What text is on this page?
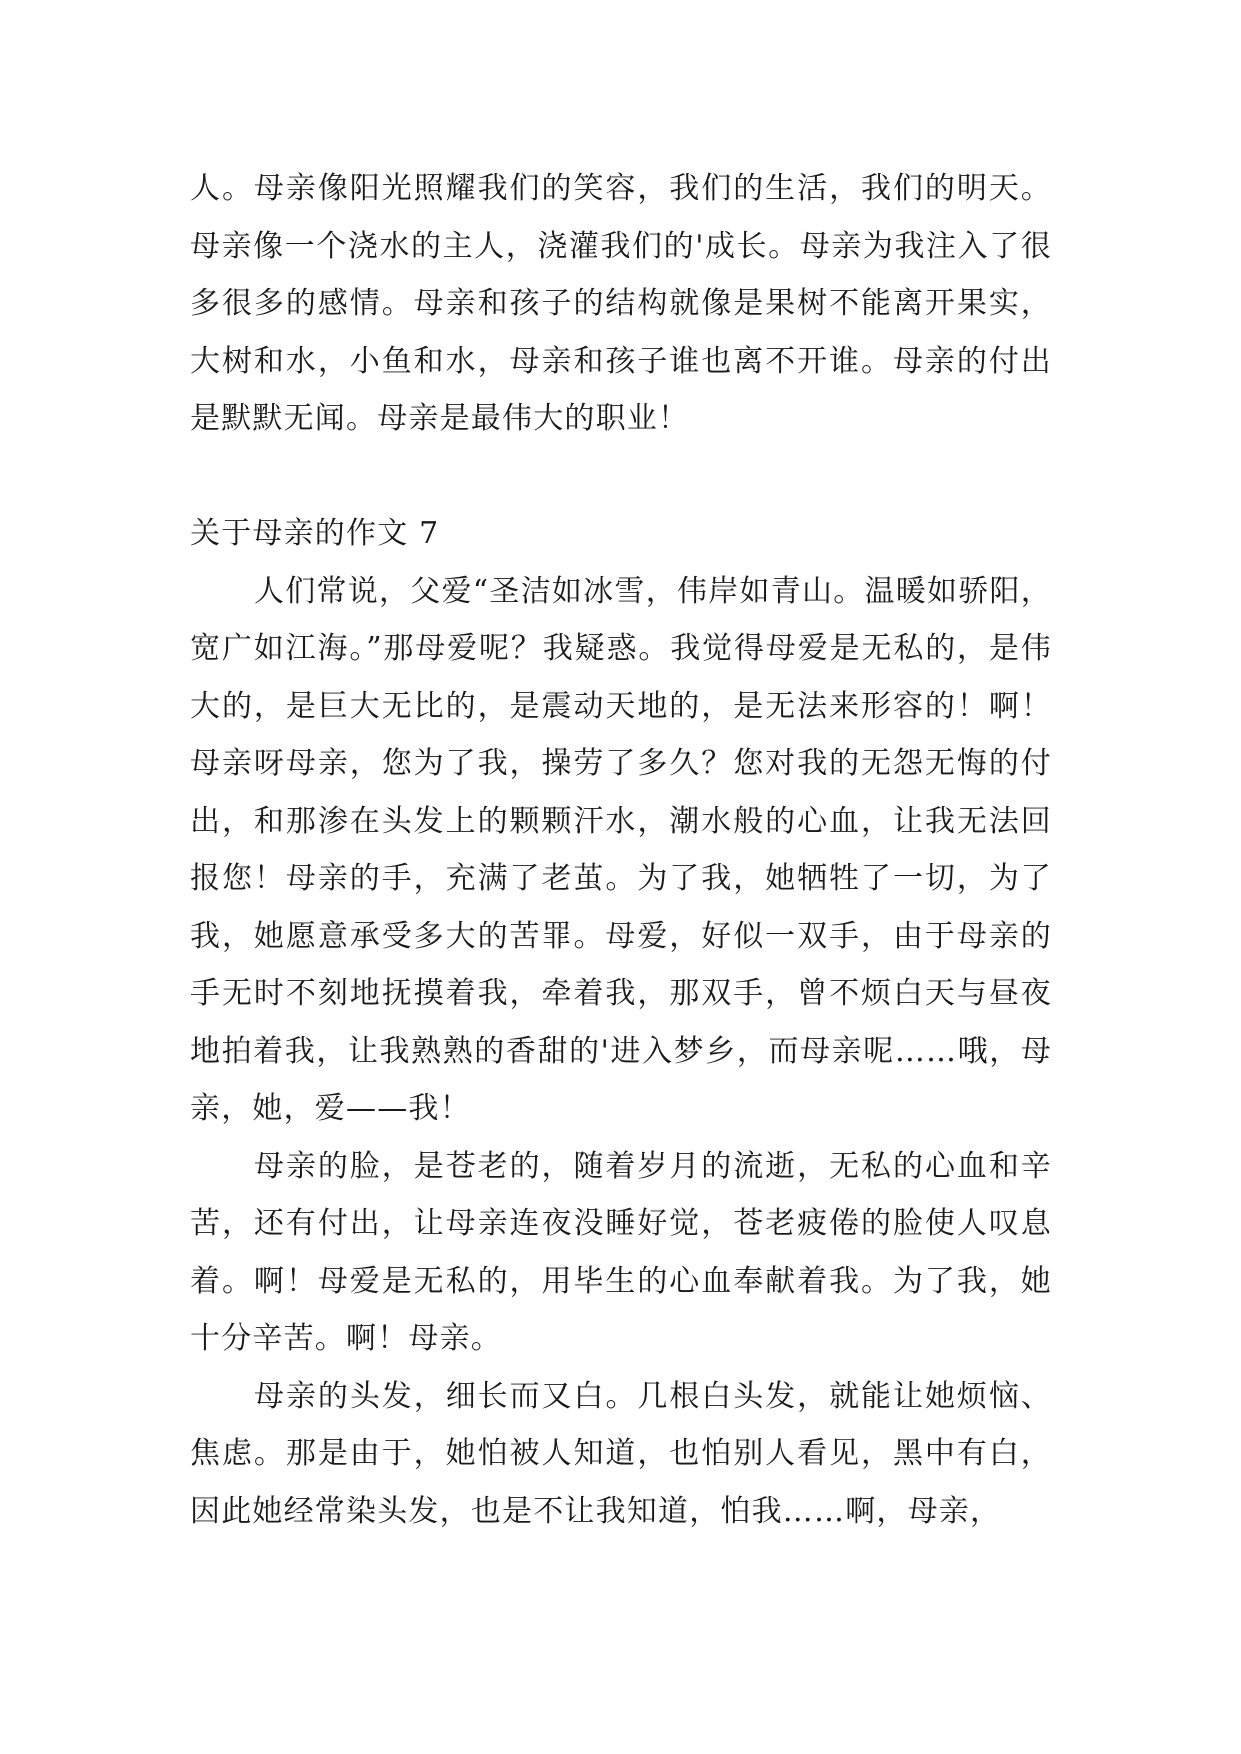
人。母亲像阳光照耀我们的笑容，我们的生活，我们的明天。母亲像一个浇水的主人，浇灌我们的'成长。母亲为我注入了很多很多的感情。母亲和孩子的结构就像是果树不能离开果实，大树和水，小鱼和水，母亲和孩子谁也离不开谁。母亲的付出是默默无闻。母亲是最伟大的职业！

关于母亲的作文 7

人们常说，父爱“圣洁如冰雪，伟岸如青山。温暖如骄阳，宽广如江海。”那母爱呢？我疑惑。我觉得母爱是无私的，是伟大的，是巨大无比的，是震动天地的，是无法来形容的！啊！母亲呀母亲，您为了我，操劳了多久？您对我的无怨无悔的付出，和那渗在头发上的颗颗汗水，潮水般的心血，让我无法回报您！母亲的手，充满了老茧。为了我，她牺牲了一切，为了我，她愿意承受多大的苦罪。母爱，好似一双手，由于母亲的手无时不刻地抚摸着我，牵着我，那双手，曾不烦白天与昼夜地拍着我，让我熟熟的香甜的'进入梦乡，而母亲呢……哦，母亲，她，爱——我！

母亲的脸，是苍老的，随着岁月的流逝，无私的心血和辛苦，还有付出，让母亲连夜没睡好觉，苍老疲倦的脸使人叹息着。啊！母爱是无私的，用毕生的心血奉献着我。为了我，她十分辛苦。啊！母亲。

母亲的头发，细长而又白。几根白头发，就能让她烦恼、焦虑。那是由于，她怕被人知道，也怕别人看见，黑中有白，因此她经常染头发，也是不让我知道，怕我……啊，母亲，
